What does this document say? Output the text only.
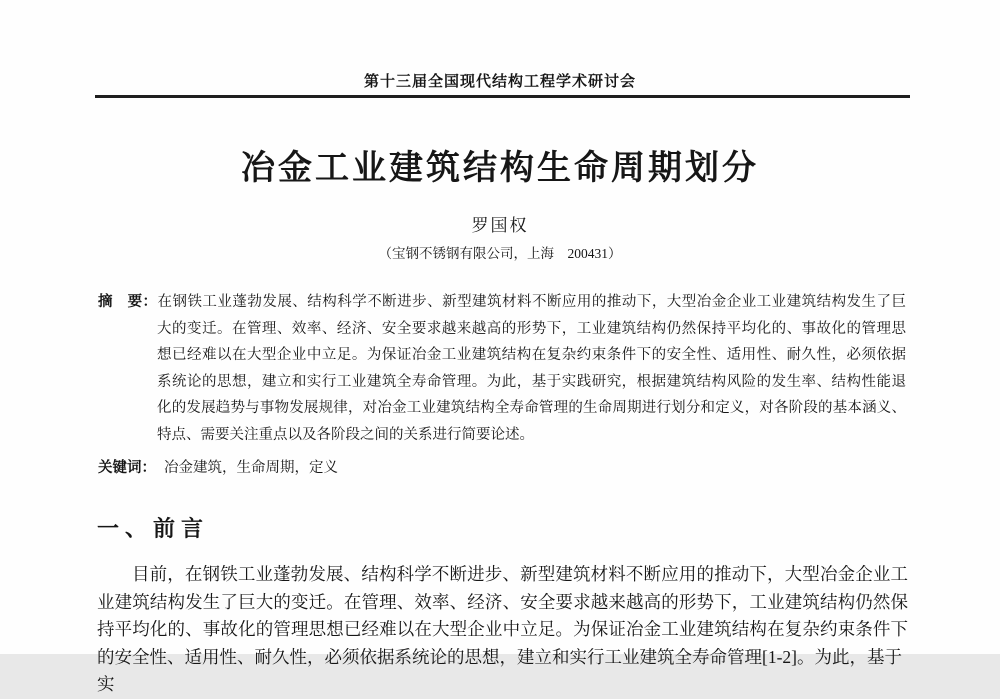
第十三届全国现代结构工程学术研讨会
冶金工业建筑结构生命周期划分
罗国权
（宝钢不锈钢有限公司，上海　200431）
摘　要：在钢铁工业蓬勃发展、结构科学不断进步、新型建筑材料不断应用的推动下，大型冶金企业工业建筑结构发生了巨
大的变迁。在管理、效率、经济、安全要求越来越高的形势下，工业建筑结构仍然保持平均化的、事故化的管理思
想已经难以在大型企业中立足。为保证冶金工业建筑结构在复杂约束条件下的安全性、适用性、耐久性，必须依据
系统论的思想，建立和实行工业建筑全寿命管理。为此，基于实践研究，根据建筑结构风险的发生率、结构性能退
化的发展趋势与事物发展规律，对冶金工业建筑结构全寿命管理的生命周期进行划分和定义，对各阶段的基本涵义、
特点、需要关注重点以及各阶段之间的关系进行简要论述。
关键词： 冶金建筑，生命周期，定义
一、前言
目前，在钢铁工业蓬勃发展、结构科学不断进步、新型建筑材料不断应用的推动下，大型冶金企业工
业建筑结构发生了巨大的变迁。在管理、效率、经济、安全要求越来越高的形势下，工业建筑结构仍然保
持平均化的、事故化的管理思想已经难以在大型企业中立足。为保证冶金工业建筑结构在复杂约束条件下
的安全性、适用性、耐久性，必须依据系统论的思想，建立和实行工业建筑全寿命管理[1-2]。为此，基于实
